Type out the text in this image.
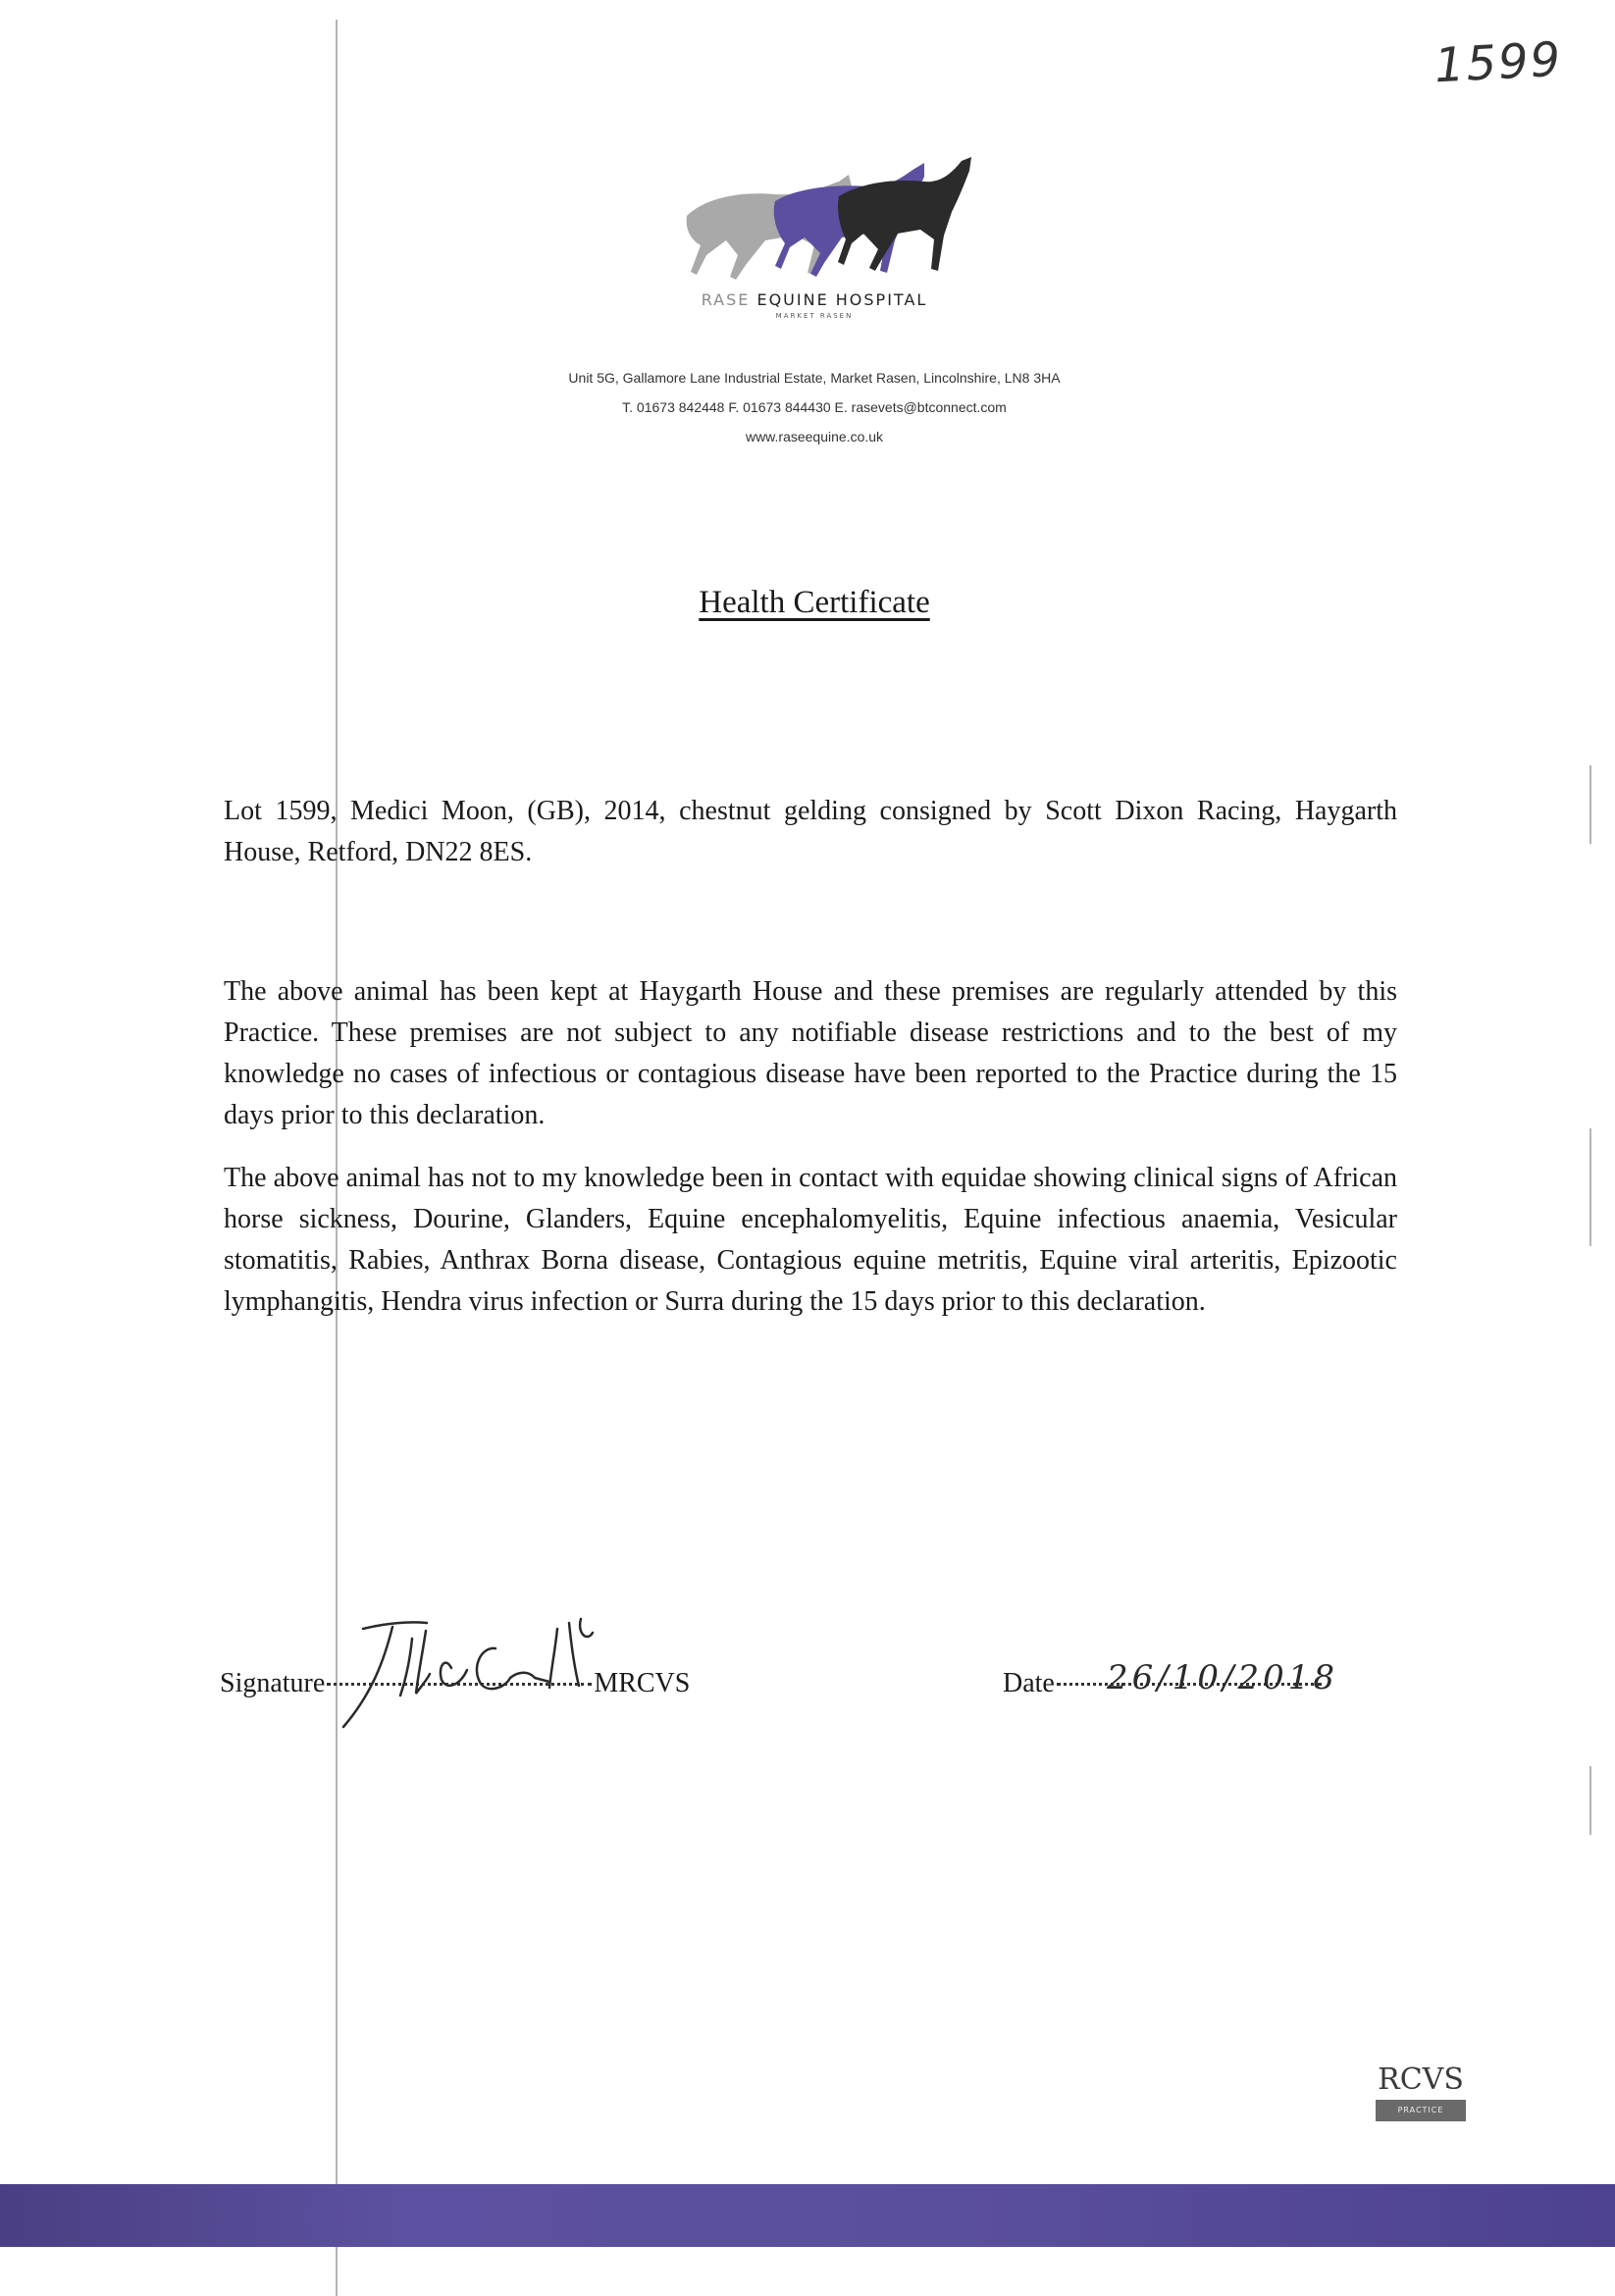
1599
RASE EQUINE HOSPITAL
MARKET RASEN
Unit 5G, Gallamore Lane Industrial Estate, Market Rasen, Lincolnshire, LN8 3HA
T. 01673 842448 F. 01673 844430 E. rasevets@btconnect.com
www.raseequine.co.uk
Health Certificate
Lot 1599, Medici Moon, (GB), 2014, chestnut gelding consigned by Scott Dixon Racing, Haygarth House, Retford, DN22 8ES.
The above animal has been kept at Haygarth House and these premises are regularly attended by this Practice. These premises are not subject to any notifiable disease restrictions and to the best of my knowledge no cases of infectious or contagious disease have been reported to the Practice during the 15 days prior to this declaration.
The above animal has not to my knowledge been in contact with equidae showing clinical signs of African horse sickness, Dourine, Glanders, Equine encephalomyelitis, Equine infectious anaemia, Vesicular stomatitis, Rabies, Anthrax Borna disease, Contagious equine metritis, Equine viral arteritis, Epizootic lymphangitis, Hendra virus infection or Surra during the 15 days prior to this declaration.
Signature	MRCVS	Date	26/10/2018
RCVS
PRACTICE
